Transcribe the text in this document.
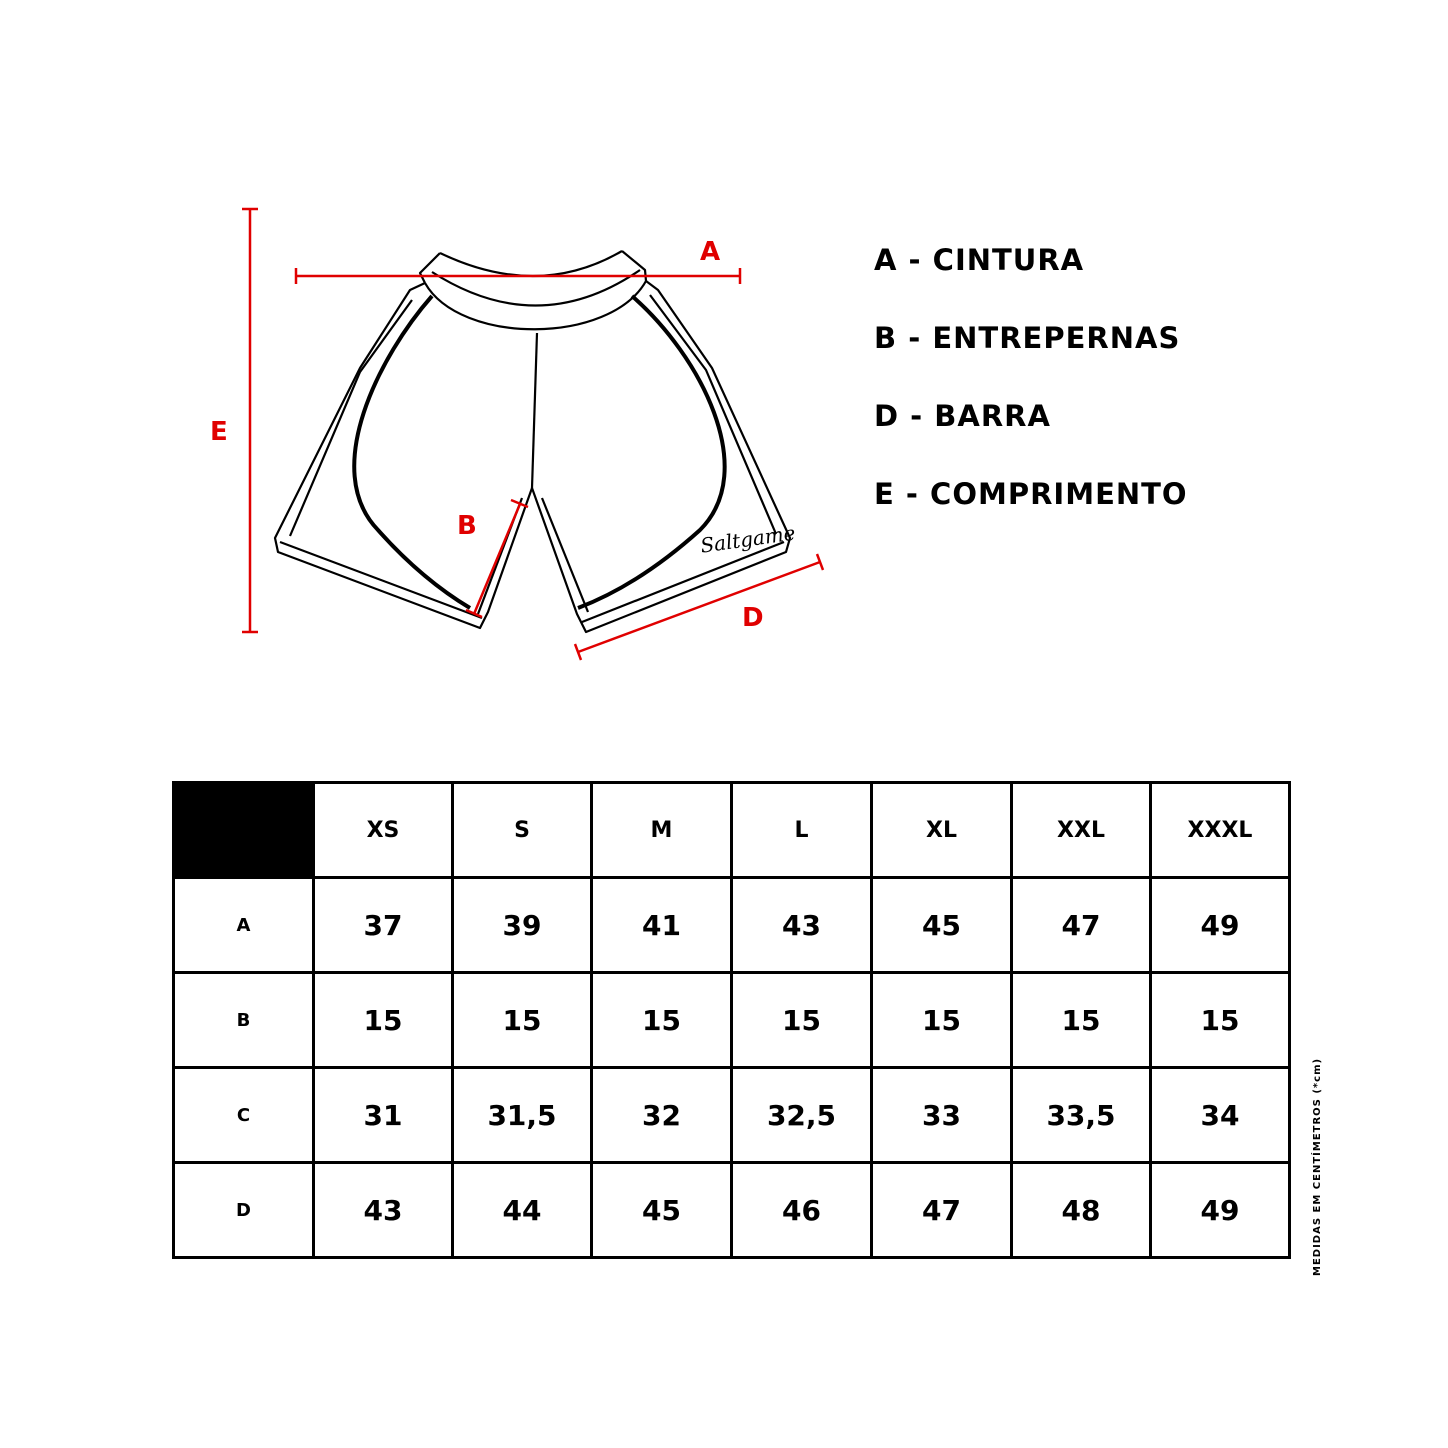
Saltgame
A
E
B
D
A - CINTURA
B - ENTREPERNAS
D - BARRA
E - COMPRIMENTO
	XS	S	M	L	XL	XXL	XXXL
A	37	39	41	43	45	47	49
B	15	15	15	15	15	15	15
C	31	31,5	32	32,5	33	33,5	34
D	43	44	45	46	47	48	49	MEDIDAS EM CENTÍMETROS (*cm)
